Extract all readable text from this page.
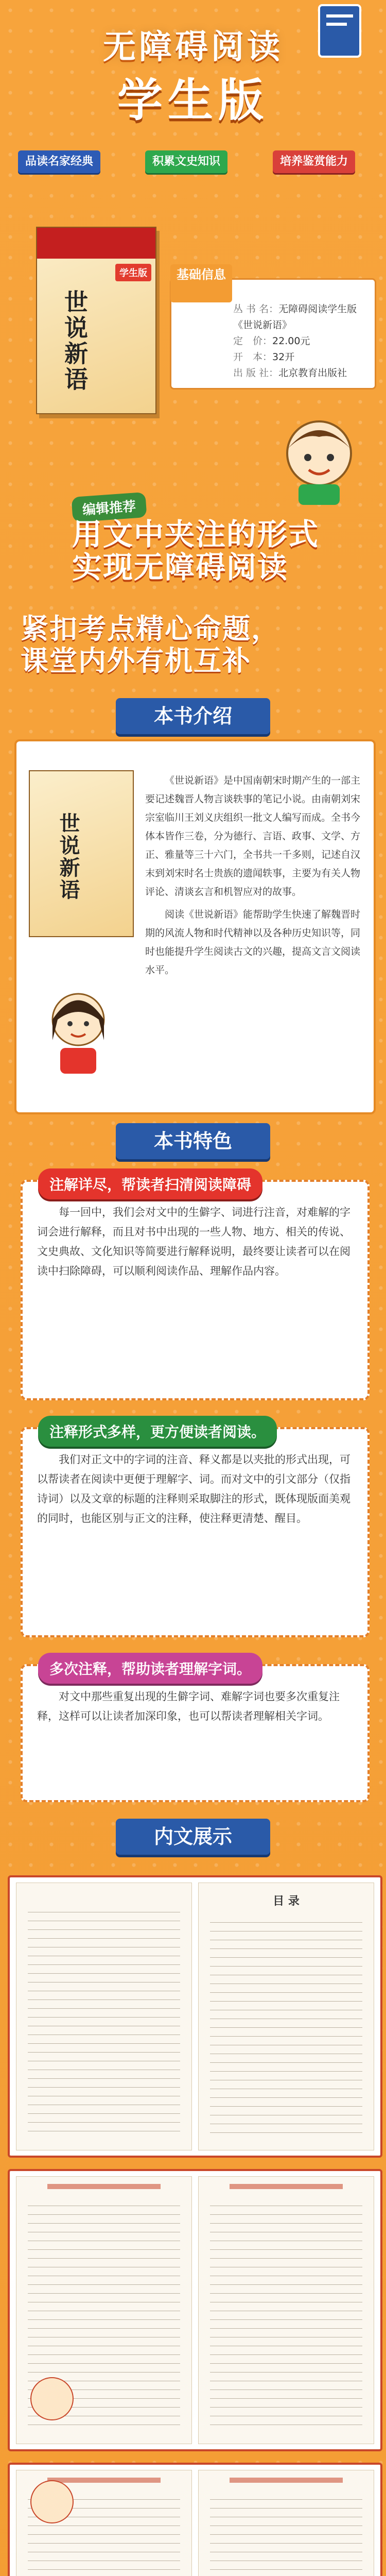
无障碍阅读
学生版
品读名家经典	积累文史知识	培养鉴赏能力
学生版
世说新语
基础信息
丛 书 名：无障碍阅读学生版
《世说新语》
定　价：22.00元
开　本：32开
出 版 社：北京教育出版社
编辑推荐
用文中夹注的形式
实现无障碍阅读
紧扣考点精心命题，
课堂内外有机互补
本书介绍
世说新语

《世说新语》是中国南朝宋时期产生的一部主要记述魏晋人物言谈轶事的笔记小说。由南朝刘宋宗室临川王刘义庆组织一批文人编写而成。全书今体本皆作三卷，分为德行、言语、政事、文学、方正、雅量等三十六门，全书共一千多则，记述自汉末到刘宋时名士贵族的遗闻轶事，主要为有关人物评论、清谈玄言和机智应对的故事。

阅读《世说新语》能帮助学生快速了解魏晋时期的风流人物和时代精神以及各种历史知识等，同时也能提升学生阅读古文的兴趣，提高文言文阅读水平。

本书特色
注解详尽，帮读者扫清阅读障碍
每一回中，我们会对文中的生僻字、词进行注音，对难解的字词会进行解释，而且对书中出现的一些人物、地方、相关的传说、文史典故、文化知识等简要进行解释说明，最终要让读者可以在阅读中扫除障碍，可以顺利阅读作品、理解作品内容。
注释形式多样，更方便读者阅读。
我们对正文中的字词的注音、释义都是以夹批的形式出现，可以帮读者在阅读中更便于理解字、词。而对文中的引文部分（仅指诗词）以及文章的标题的注释则采取脚注的形式，既体现版面美观的同时，也能区别与正文的注释，使注释更清楚、醒目。
多次注释，帮助读者理解字词。
对文中那些重复出现的生僻字词、难解字词也要多次重复注释，这样可以让读者加深印象，也可以帮读者理解相关字词。
内文展示
目 录
